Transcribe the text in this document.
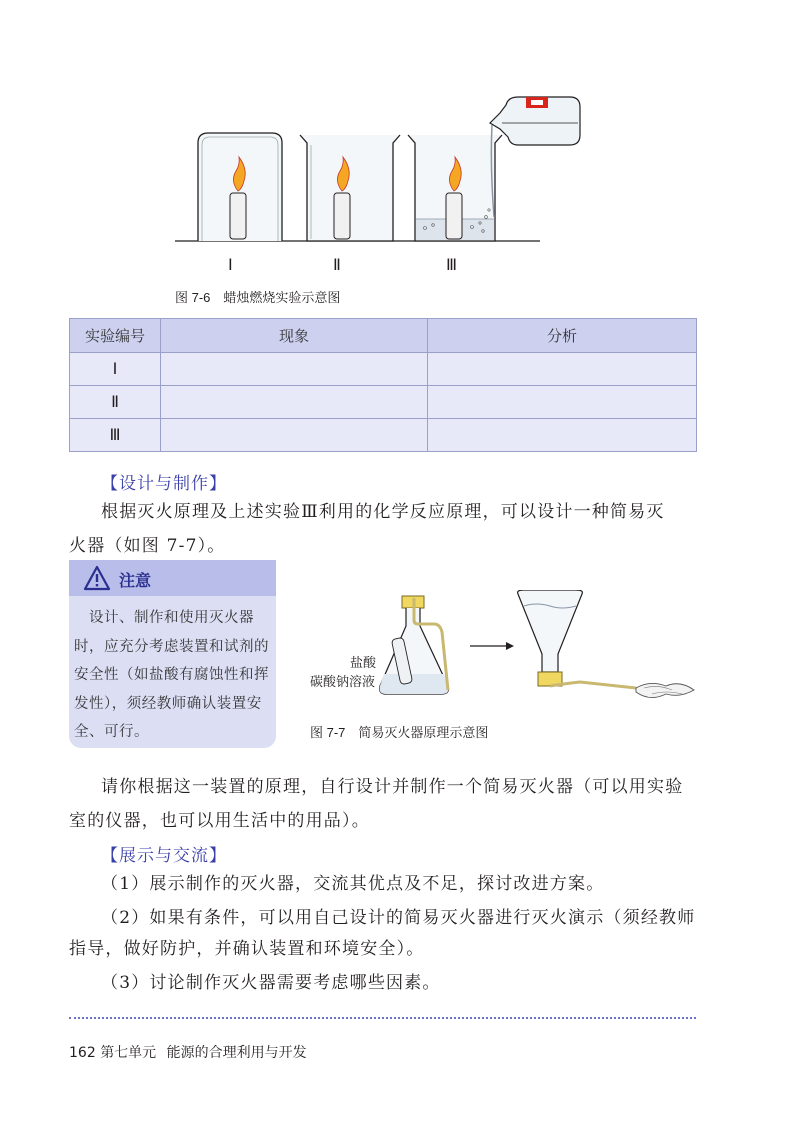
Ⅰ	Ⅱ	Ⅲ
图 7-6　蜡烛燃烧实验示意图
实验编号	现象	分析
Ⅰ		
Ⅱ		
Ⅲ		
【设计与制作】
根据灭火原理及上述实验Ⅲ利用的化学反应原理，可以设计一种简易灭
火器（如图 7-7）。
注意
　设计、制作和使用灭火器时，应充分考虑装置和试剂的安全性（如盐酸有腐蚀性和挥发性），须经教师确认装置安全、可行。
盐酸
碳酸钠溶液
图 7-7　简易灭火器原理示意图
请你根据这一装置的原理，自行设计并制作一个简易灭火器（可以用实验
室的仪器，也可以用生活中的用品）。
【展示与交流】
（1）展示制作的灭火器，交流其优点及不足，探讨改进方案。
（2）如果有条件，可以用自己设计的简易灭火器进行灭火演示（须经教师
指导，做好防护，并确认装置和环境安全）。
（3）讨论制作灭火器需要考虑哪些因素。
162 第七单元 能源的合理利用与开发
